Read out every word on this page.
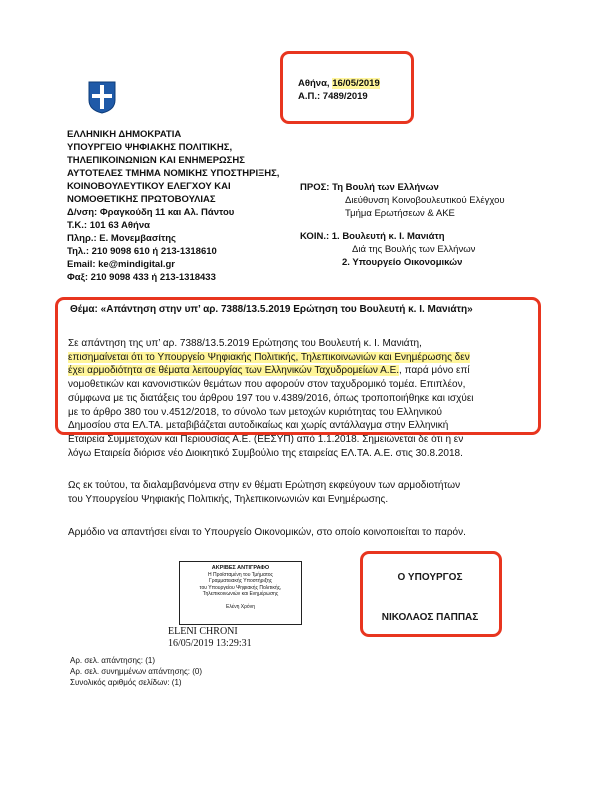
Αθήνα, 16/05/2019
Α.Π.: 7489/2019
ΕΛΛΗΝΙΚΗ ΔΗΜΟΚΡΑΤΙΑ
ΥΠΟΥΡΓΕΙΟ ΨΗΦΙΑΚΗΣ ΠΟΛΙΤΙΚΗΣ,
ΤΗΛΕΠΙΚΟΙΝΩΝΙΩΝ ΚΑΙ ΕΝΗΜΕΡΩΣΗΣ
ΑΥΤΟΤΕΛΕΣ ΤΜΗΜΑ ΝΟΜΙΚΗΣ ΥΠΟΣΤΗΡΙΞΗΣ,
ΚΟΙΝΟΒΟΥΛΕΥΤΙΚΟΥ ΕΛΕΓΧΟΥ ΚΑΙ
ΝΟΜΟΘΕΤΙΚΗΣ ΠΡΩΤΟΒΟΥΛΙΑΣ
Δ/νση: Φραγκούδη 11 και Αλ. Πάντου
Τ.Κ.: 101 63 Αθήνα
Πληρ.: Ε. Μονεμβασίτης
Τηλ.: 210 9098 610 ή 213-1318610
Email: ke@mindigital.gr
Φαξ: 210 9098 433 ή 213-1318433
ΠΡΟΣ: Τη Βουλή των Ελλήνων
Διεύθυνση Κοινοβουλευτικού Ελέγχου
Τμήμα Ερωτήσεων & ΑΚΕ
ΚΟΙΝ.: 1. Βουλευτή κ. Ι. Μανιάτη
Διά της Βουλής των Ελλήνων
2. Υπουργείο Οικονομικών
Θέμα: «Απάντηση στην υπ’ αρ. 7388/13.5.2019 Ερώτηση του Βουλευτή κ. Ι. Μανιάτη»
Σε απάντηση της υπ’ αρ. 7388/13.5.2019 Ερώτησης του Βουλευτή κ. Ι. Μανιάτη,
επισημαίνεται ότι το Υπουργείο Ψηφιακής Πολιτικής, Τηλεπικοινωνιών και Ενημέρωσης δεν
έχει αρμοδιότητα σε θέματα λειτουργίας των Ελληνικών Ταχυδρομείων Α.Ε., παρά μόνο επί
νομοθετικών και κανονιστικών θεμάτων που αφορούν στον ταχυδρομικό τομέα. Επιπλέον,
σύμφωνα με τις διατάξεις του άρθρου 197 του ν.4389/2016, όπως τροποποιήθηκε και ισχύει
με το άρθρο 380 του ν.4512/2018, το σύνολο των μετοχών κυριότητας του Ελληνικού
Δημοσίου στα ΕΛ.ΤΑ. μεταβιβάζεται αυτοδικαίως και χωρίς αντάλλαγμα στην Ελληνική
Εταιρεία Συμμετοχών και Περιουσίας Α.Ε. (ΕΕΣΥΠ) από 1.1.2018. Σημειώνεται δε ότι η εν
λόγω Εταιρεία διόρισε νέο Διοικητικό Συμβούλιο της εταιρείας ΕΛ.ΤΑ. Α.Ε. στις 30.8.2018.
Ως εκ τούτου, τα διαλαμβανόμενα στην εν θέματι Ερώτηση εκφεύγουν των αρμοδιοτήτων
του Υπουργείου Ψηφιακής Πολιτικής, Τηλεπικοινωνιών και Ενημέρωσης.
Αρμόδιο να απαντήσει είναι το Υπουργείο Οικονομικών, στο οποίο κοινοποιείται το παρόν.
ΑΚΡΙΒΕΣ ΑΝΤΙΓΡΑΦΟ
Η Προϊσταμένη του Τμήματος
Γραμματειακής Υποστήριξης
του Υπουργείου Ψηφιακής Πολιτικής,
Τηλεπικοινωνιών και Ενημέρωσης
Ελένη Χρόνη
ELENI CHRONI
16/05/2019 13:29:31
Ο ΥΠΟΥΡΓΟΣ
ΝΙΚΟΛΑΟΣ ΠΑΠΠΑΣ
Αρ. σελ. απάντησης: (1)
Αρ. σελ. συνημμένων απάντησης: (0)
Συνολικός αριθμός σελίδων: (1)
